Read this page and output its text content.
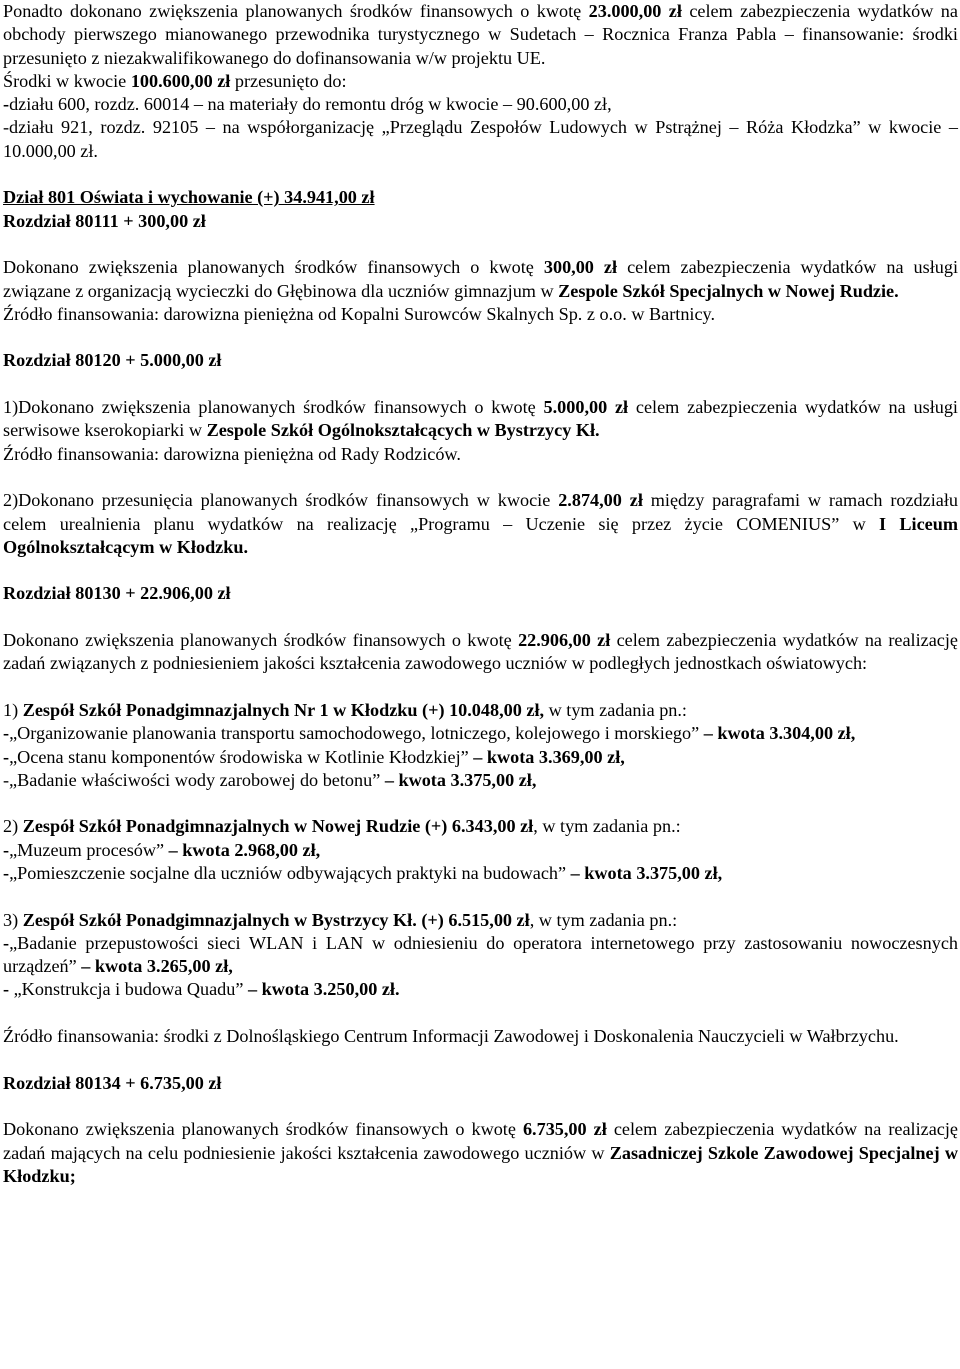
Ponadto dokonano zwiększenia planowanych środków finansowych o kwotę 23.000,00 zł celem zabezpieczenia wydatków na obchody pierwszego mianowanego przewodnika turystycznego w Sudetach – Rocznica Franza Pabla – finansowanie: środki przesunięto z niezakwalifikowanego do dofinansowania w/w projektu UE.

Środki w kwocie 100.600,00 zł przesunięto do:

-działu 600, rozdz. 60014 – na materiały do remontu dróg w kwocie – 90.600,00 zł,

-działu 921, rozdz. 92105 – na współorganizację „Przeglądu Zespołów Ludowych w Pstrążnej – Róża Kłodzka” w kwocie – 10.000,00 zł.

Dział 801 Oświata i wychowanie (+) 34.941,00 zł

Rozdział 80111 + 300,00 zł

Dokonano zwiększenia planowanych środków finansowych o kwotę 300,00 zł celem zabezpieczenia wydatków na usługi związane z organizacją wycieczki do Głębinowa dla uczniów gimnazjum w Zespole Szkół Specjalnych w Nowej Rudzie.

Źródło finansowania: darowizna pieniężna od Kopalni Surowców Skalnych Sp. z o.o. w Bartnicy.

Rozdział 80120 + 5.000,00 zł

1)Dokonano zwiększenia planowanych środków finansowych o kwotę 5.000,00 zł celem zabezpieczenia wydatków na usługi serwisowe kserokopiarki w Zespole Szkół Ogólnokształcących w Bystrzycy Kł.

Źródło finansowania: darowizna pieniężna od Rady Rodziców.

2)Dokonano przesunięcia planowanych środków finansowych w kwocie 2.874,00 zł między paragrafami w ramach rozdziału celem urealnienia planu wydatków na realizację „Programu – Uczenie się przez życie COMENIUS” w I Liceum Ogólnokształcącym w Kłodzku.

Rozdział 80130 + 22.906,00 zł

Dokonano zwiększenia planowanych środków finansowych o kwotę 22.906,00 zł celem zabezpieczenia wydatków na realizację zadań związanych z podniesieniem jakości kształcenia zawodowego uczniów w podległych jednostkach oświatowych:

1) Zespół Szkół Ponadgimnazjalnych Nr 1 w Kłodzku (+) 10.048,00 zł, w tym zadania pn.:

-„Organizowanie planowania transportu samochodowego, lotniczego, kolejowego i morskiego” – kwota 3.304,00 zł,

-„Ocena stanu komponentów środowiska w Kotlinie Kłodzkiej” – kwota 3.369,00 zł,

-„Badanie właściwości wody zarobowej do betonu” – kwota 3.375,00 zł,

2) Zespół Szkół Ponadgimnazjalnych w Nowej Rudzie (+) 6.343,00 zł, w tym zadania pn.:

-„Muzeum procesów” – kwota 2.968,00 zł,

-„Pomieszczenie socjalne dla uczniów odbywających praktyki na budowach” – kwota 3.375,00 zł,

3) Zespół Szkół Ponadgimnazjalnych w Bystrzycy Kł. (+) 6.515,00 zł, w tym zadania pn.:

-„Badanie przepustowości sieci WLAN i LAN w odniesieniu do operatora internetowego przy zastosowaniu nowoczesnych urządzeń” – kwota 3.265,00 zł,

- „Konstrukcja i budowa Quadu” – kwota 3.250,00 zł.

Źródło finansowania: środki z Dolnośląskiego Centrum Informacji Zawodowej i Doskonalenia Nauczycieli w Wałbrzychu.

Rozdział 80134 + 6.735,00 zł

Dokonano zwiększenia planowanych środków finansowych o kwotę 6.735,00 zł celem zabezpieczenia wydatków na realizację zadań mających na celu podniesienie jakości kształcenia zawodowego uczniów w Zasadniczej Szkole Zawodowej Specjalnej w Kłodzku;
